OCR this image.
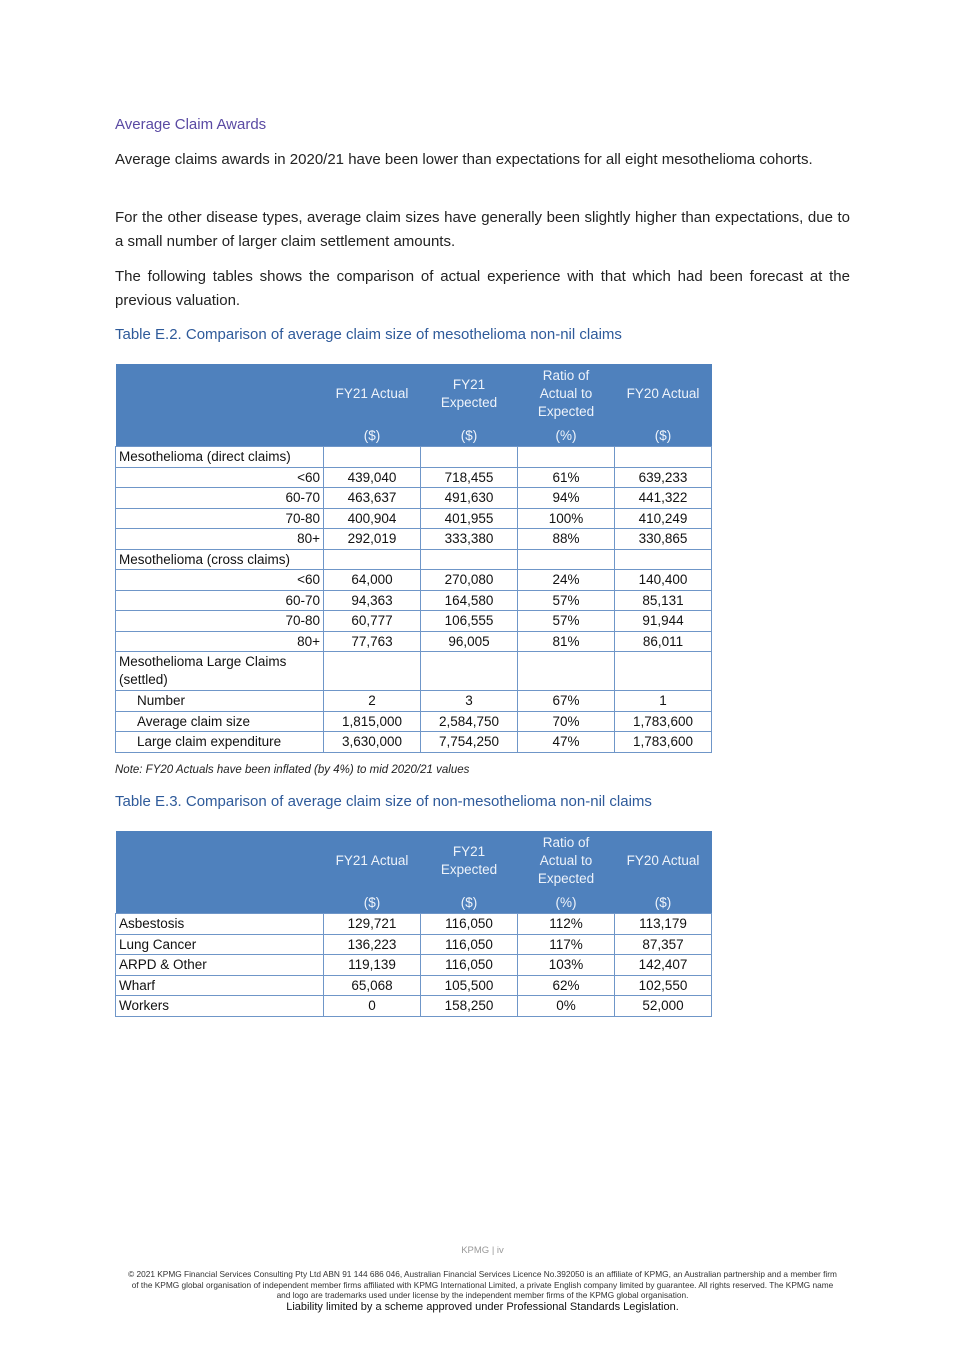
Average Claim Awards
Average claims awards in 2020/21 have been lower than expectations for all eight mesothelioma cohorts.
For the other disease types, average claim sizes have generally been slightly higher than expectations, due to a small number of larger claim settlement amounts.
The following tables shows the comparison of actual experience with that which had been forecast at the previous valuation.
Table E.2. Comparison of average claim size of mesothelioma non-nil claims
	FY21 Actual	FY21 Expected	Ratio of Actual to Expected	FY20 Actual
	($)	($)	(%)	($)
Mesothelioma (direct claims)				
<60	439,040	718,455	61%	639,233
60-70	463,637	491,630	94%	441,322
70-80	400,904	401,955	100%	410,249
80+	292,019	333,380	88%	330,865
Mesothelioma (cross claims)				
<60	64,000	270,080	24%	140,400
60-70	94,363	164,580	57%	85,131
70-80	60,777	106,555	57%	91,944
80+	77,763	96,005	81%	86,011
Mesothelioma Large Claims (settled)				
Number	2	3	67%	1
Average claim size	1,815,000	2,584,750	70%	1,783,600
Large claim expenditure	3,630,000	7,754,250	47%	1,783,600
Note: FY20 Actuals have been inflated (by 4%) to mid 2020/21 values
Table E.3. Comparison of average claim size of non-mesothelioma non-nil claims
	FY21 Actual	FY21 Expected	Ratio of Actual to Expected	FY20 Actual
	($)	($)	(%)	($)
Asbestosis	129,721	116,050	112%	113,179
Lung Cancer	136,223	116,050	117%	87,357
ARPD & Other	119,139	116,050	103%	142,407
Wharf	65,068	105,500	62%	102,550
Workers	0	158,250	0%	52,000
KPMG | iv
© 2021 KPMG Financial Services Consulting Pty Ltd ABN 91 144 686 046, Australian Financial Services Licence No.392050 is an affiliate of KPMG, an Australian partnership and a member firm of the KPMG global organisation of independent member firms affiliated with KPMG International Limited, a private English company limited by guarantee. All rights reserved. The KPMG name and logo are trademarks used under license by the independent member firms of the KPMG global organisation.
Liability limited by a scheme approved under Professional Standards Legislation.
